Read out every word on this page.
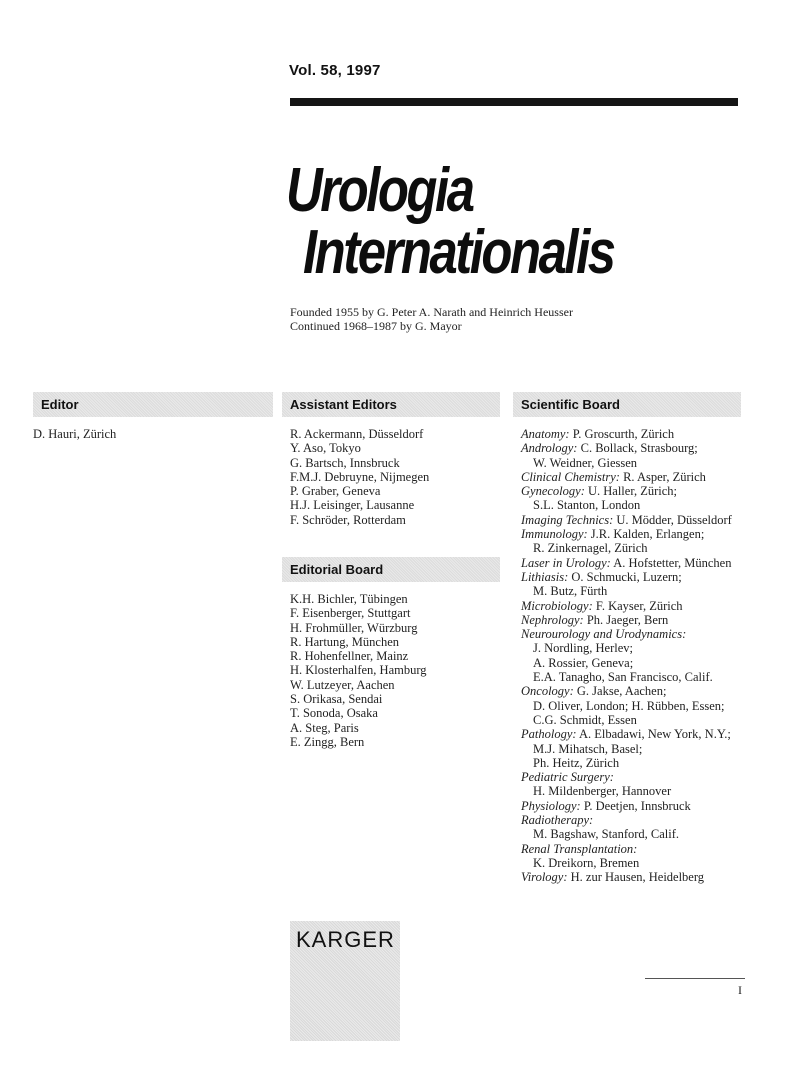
Vol. 58, 1997
Urologia
Internationalis
Founded 1955 by G. Peter A. Narath and Heinrich Heusser
Continued 1968–1987 by G. Mayor
Editor
D. Hauri, Zürich
Assistant Editors
R. Ackermann, Düsseldorf
Y. Aso, Tokyo
G. Bartsch, Innsbruck
F.M.J. Debruyne, Nijmegen
P. Graber, Geneva
H.J. Leisinger, Lausanne
F. Schröder, Rotterdam
Editorial Board
K.H. Bichler, Tübingen
F. Eisenberger, Stuttgart
H. Frohmüller, Würzburg
R. Hartung, München
R. Hohenfellner, Mainz
H. Klosterhalfen, Hamburg
W. Lutzeyer, Aachen
S. Orikasa, Sendai
T. Sonoda, Osaka
A. Steg, Paris
E. Zingg, Bern
Scientific Board
Anatomy: P. Groscurth, Zürich
Andrology: C. Bollack, Strasbourg;
W. Weidner, Giessen
Clinical Chemistry: R. Asper, Zürich
Gynecology: U. Haller, Zürich;
S.L. Stanton, London
Imaging Technics: U. Mödder, Düsseldorf
Immunology: J.R. Kalden, Erlangen;
R. Zinkernagel, Zürich
Laser in Urology: A. Hofstetter, München
Lithiasis: O. Schmucki, Luzern;
M. Butz, Fürth
Microbiology: F. Kayser, Zürich
Nephrology: Ph. Jaeger, Bern
Neurourology and Urodynamics:
J. Nordling, Herlev;
A. Rossier, Geneva;
E.A. Tanagho, San Francisco, Calif.
Oncology: G. Jakse, Aachen;
D. Oliver, London; H. Rübben, Essen;
C.G. Schmidt, Essen
Pathology: A. Elbadawi, New York, N.Y.;
M.J. Mihatsch, Basel;
Ph. Heitz, Zürich
Pediatric Surgery:
H. Mildenberger, Hannover
Physiology: P. Deetjen, Innsbruck
Radiotherapy:
M. Bagshaw, Stanford, Calif.
Renal Transplantation:
K. Dreikorn, Bremen
Virology: H. zur Hausen, Heidelberg
KARGER
I
